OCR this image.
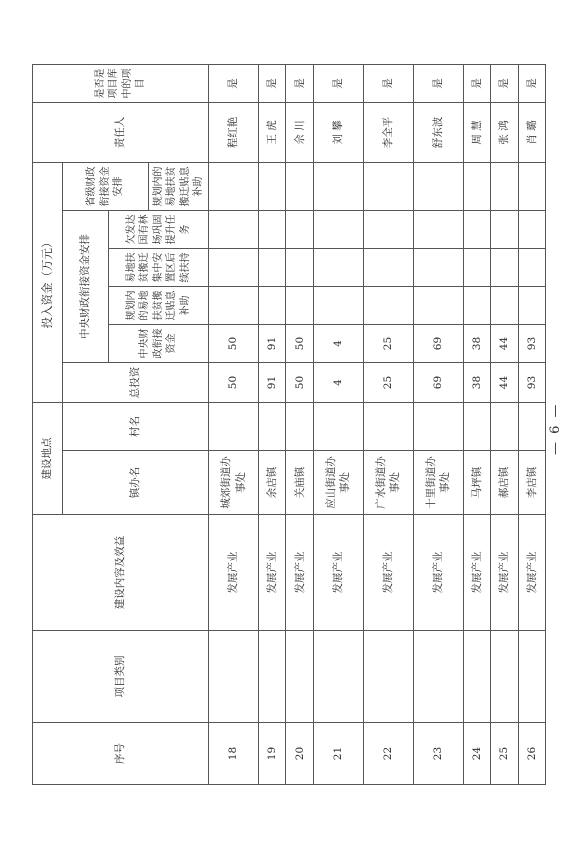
序号	项目类别	建设内容及效益	建设地点		投入资金（万元）						责任人	是否是项目库中的项目
			镇办名	村名	总投资	中央财政衔接资金安排				省级财政衔接资金安排		
						中央财政衔接资金	规划内的易地扶贫搬迁贴息补助	易地扶贫搬迁集中安置区后续扶持	欠发达国有林场巩固提升任务			
										规划内的易地扶贫搬迁贴息补助		
18		发展产业	城郊街道办事处		50	50					程红艳	是
19		发展产业	余店镇		91	91					王 虎	是
20		发展产业	关庙镇		50	50					佘 川	是
21		发展产业	应山街道办事处		4	4					刘 攀	是
22		发展产业	广水街道办事处		25	25					李全平	是
23		发展产业	十里街道办事处		69	69					舒东波	是
24		发展产业	马坪镇		38	38					周 慧	是
25		发展产业	郝店镇		44	44					张 鸿	是
26		发展产业	李店镇		93	93					肖 璐	是
— 6 —
